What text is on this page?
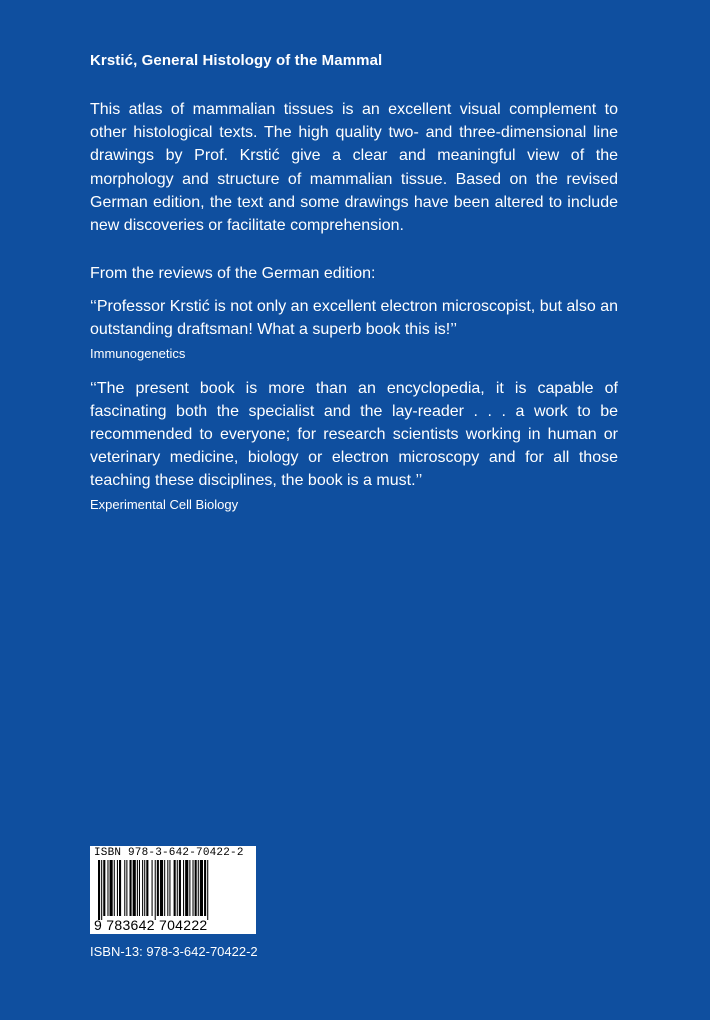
Krstić, General Histology of the Mammal

This atlas of mammalian tissues is an excellent visual complement to other histological texts. The high quality two- and three-dimensional line drawings by Prof. Krstić give a clear and meaningful view of the morphology and structure of mammalian tissue. Based on the revised German edition, the text and some drawings have been altered to include new discoveries or facilitate comprehension.

From the reviews of the German edition:

‘‘Professor Krstić is not only an excellent electron microscopist, but also an outstanding draftsman! What a superb book this is!’’

Immunogenetics

‘‘The present book is more than an encyclopedia, it is capable of fascinating both the specialist and the lay-reader . . . a work to be recommended to everyone; for research scientists working in human or veterinary medicine, biology or electron microscopy and for all those teaching these disciplines, the book is a must.’’

Experimental Cell Biology

ISBN 978-3-642-70422-2
9 783642 704222
ISBN-13: 978-3-642-70422-2
